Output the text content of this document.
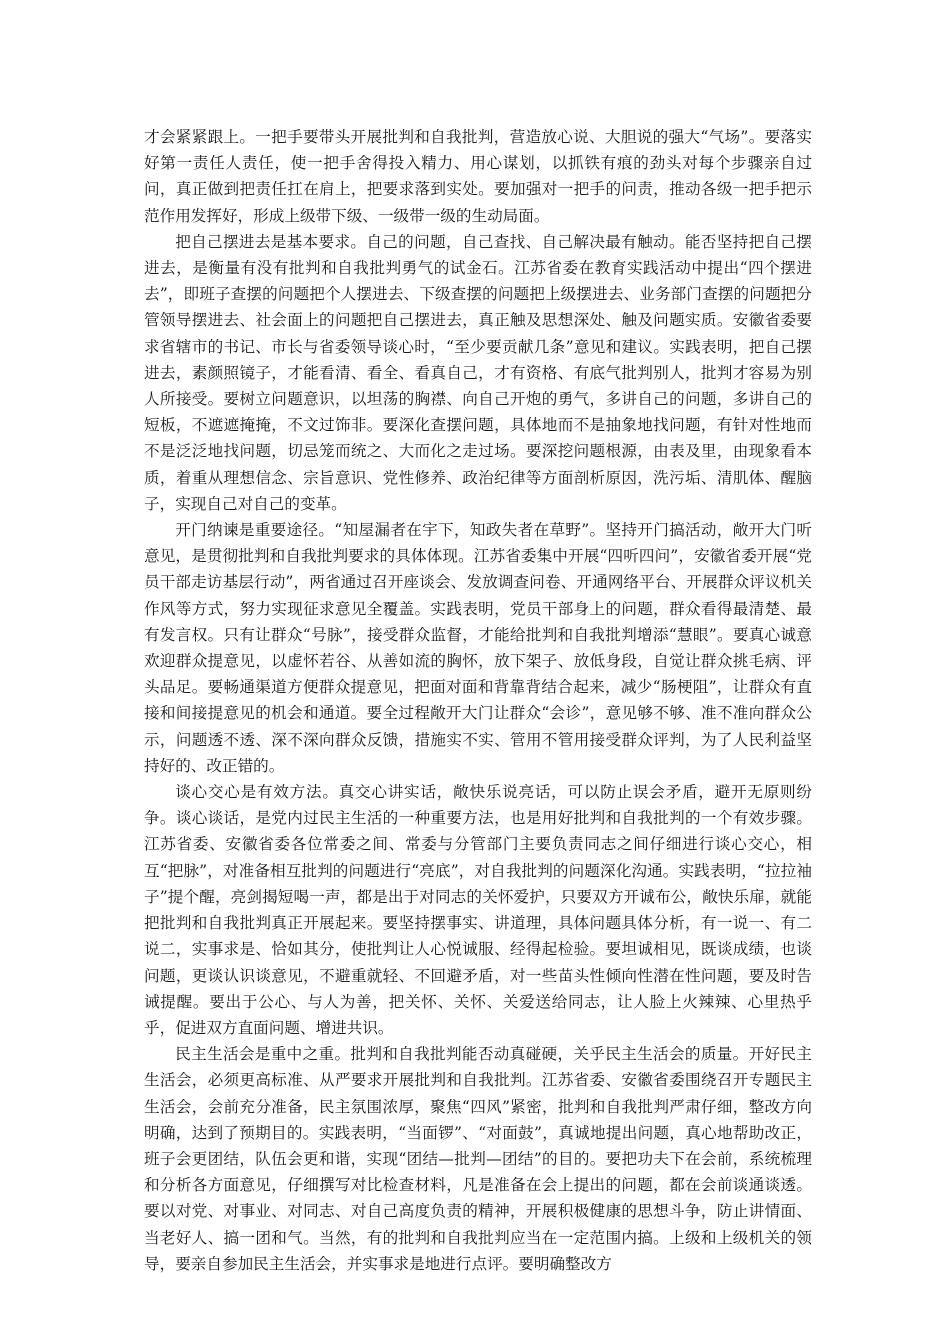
才会紧紧跟上。一把手要带头开展批判和自我批判，营造放心说、大胆说的强大“气场”。要落实好第一责任人责任，使一把手舍得投入精力、用心谋划，以抓铁有痕的劲头对每个步骤亲自过问，真正做到把责任扛在肩上，把要求落到实处。要加强对一把手的问责，推动各级一把手把示范作用发挥好，形成上级带下级、一级带一级的生动局面。

把自己摆进去是基本要求。自己的问题，自己查找、自己解决最有触动。能否坚持把自己摆进去，是衡量有没有批判和自我批判勇气的试金石。江苏省委在教育实践活动中提出“四个摆进去”，即班子查摆的问题把个人摆进去、下级查摆的问题把上级摆进去、业务部门查摆的问题把分管领导摆进去、社会面上的问题把自己摆进去，真正触及思想深处、触及问题实质。安徽省委要求省辖市的书记、市长与省委领导谈心时，“至少要贡献几条”意见和建议。实践表明，把自己摆进去，素颜照镜子，才能看清、看全、看真自己，才有资格、有底气批判别人，批判才容易为别人所接受。要树立问题意识，以坦荡的胸襟、向自己开炮的勇气，多讲自己的问题，多讲自己的短板，不遮遮掩掩，不文过饰非。要深化查摆问题，具体地而不是抽象地找问题，有针对性地而不是泛泛地找问题，切忌笼而统之、大而化之走过场。要深挖问题根源，由表及里，由现象看本质，着重从理想信念、宗旨意识、党性修养、政治纪律等方面剖析原因，洗污垢、清肌体、醒脑子，实现自己对自己的变革。

开门纳谏是重要途径。“知屋漏者在宇下，知政失者在草野”。坚持开门搞活动，敞开大门听意见，是贯彻批判和自我批判要求的具体体现。江苏省委集中开展“四听四问”，安徽省委开展“党员干部走访基层行动”，两省通过召开座谈会、发放调查问卷、开通网络平台、开展群众评议机关作风等方式，努力实现征求意见全覆盖。实践表明，党员干部身上的问题，群众看得最清楚、最有发言权。只有让群众“号脉”，接受群众监督，才能给批判和自我批判增添“慧眼”。要真心诚意欢迎群众提意见，以虚怀若谷、从善如流的胸怀，放下架子、放低身段，自觉让群众挑毛病、评头品足。要畅通渠道方便群众提意见，把面对面和背靠背结合起来，减少“肠梗阻”，让群众有直接和间接提意见的机会和通道。要全过程敞开大门让群众“会诊”，意见够不够、准不准向群众公示，问题透不透、深不深向群众反馈，措施实不实、管用不管用接受群众评判，为了人民利益坚持好的、改正错的。

谈心交心是有效方法。真交心讲实话，敞快乐说亮话，可以防止误会矛盾，避开无原则纷争。谈心谈话，是党内过民主生活的一种重要方法，也是用好批判和自我批判的一个有效步骤。江苏省委、安徽省委各位常委之间、常委与分管部门主要负责同志之间仔细进行谈心交心，相互“把脉”，对准备相互批判的问题进行“亮底”，对自我批判的问题深化沟通。实践表明，“拉拉袖子”提个醒，亮剑揭短喝一声，都是出于对同志的关怀爱护，只要双方开诚布公，敞快乐扉，就能把批判和自我批判真正开展起来。要坚持摆事实、讲道理，具体问题具体分析，有一说一、有二说二，实事求是、恰如其分，使批判让人心悦诚服、经得起检验。要坦诚相见，既谈成绩，也谈问题，更谈认识谈意见，不避重就轻、不回避矛盾，对一些苗头性倾向性潜在性问题，要及时告诫提醒。要出于公心、与人为善，把关怀、关怀、关爱送给同志，让人脸上火辣辣、心里热乎乎，促进双方直面问题、增进共识。

民主生活会是重中之重。批判和自我批判能否动真碰硬，关乎民主生活会的质量。开好民主生活会，必须更高标准、从严要求开展批判和自我批判。江苏省委、安徽省委围绕召开专题民主生活会，会前充分准备，民主氛围浓厚，聚焦“四风”紧密，批判和自我批判严肃仔细，整改方向明确，达到了预期目的。实践表明，“当面锣”、“对面鼓”，真诚地提出问题，真心地帮助改正，班子会更团结，队伍会更和谐，实现“团结—批判—团结”的目的。要把功夫下在会前，系统梳理和分析各方面意见，仔细撰写对比检查材料，凡是准备在会上提出的问题，都在会前谈通谈透。要以对党、对事业、对同志、对自己高度负责的精神，开展积极健康的思想斗争，防止讲情面、当老好人、搞一团和气。当然，有的批判和自我批判应当在一定范围内搞。上级和上级机关的领导，要亲自参加民主生活会，并实事求是地进行点评。要明确整改方
